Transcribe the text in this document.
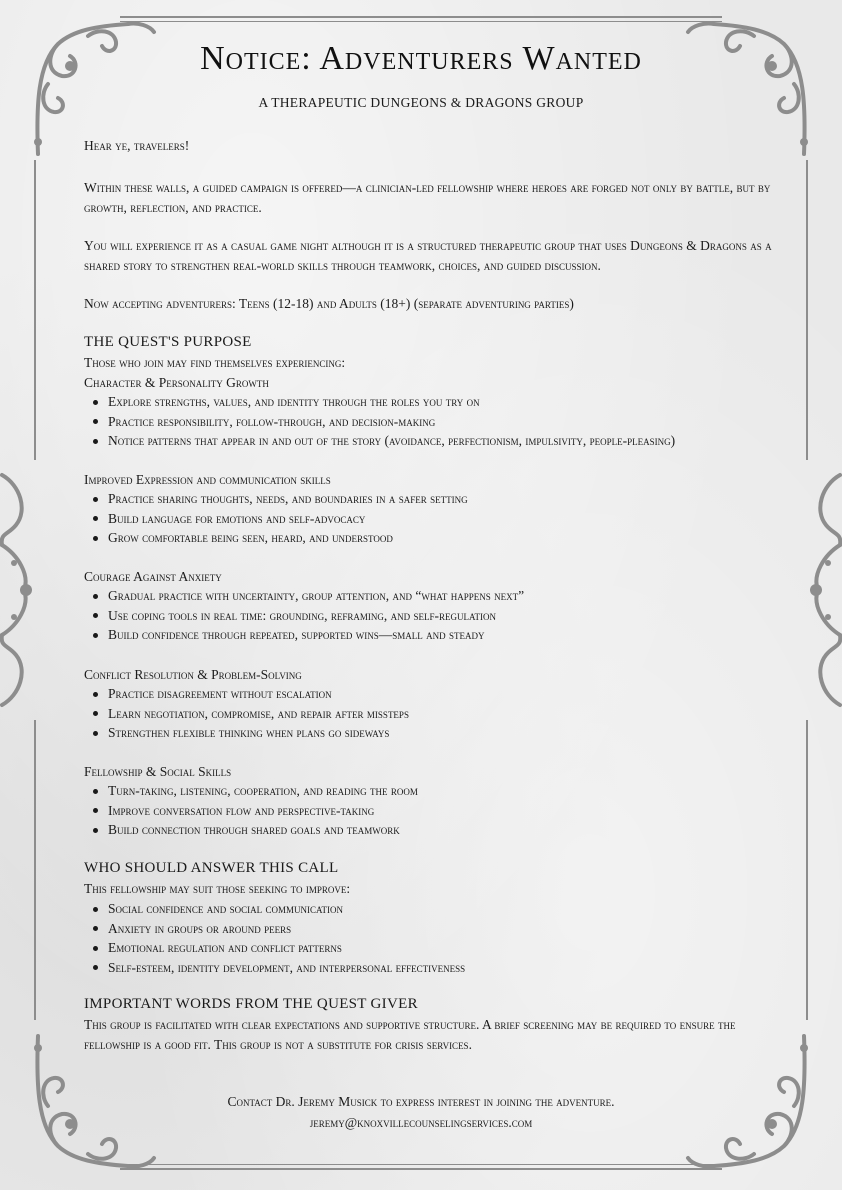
Notice: Adventurers Wanted
A THERAPEUTIC DUNGEONS & DRAGONS GROUP
Hear ye, travelers!
Within these walls, a guided campaign is offered—a clinician-led fellowship where heroes are forged not only by battle, but by growth, reflection, and practice.
You will experience it as a casual game night although it is a structured therapeutic group that uses Dungeons & Dragons as a shared story to strengthen real-world skills through teamwork, choices, and guided discussion.
Now accepting adventurers: Teens (12-18) and Adults (18+) (separate adventuring parties)
THE QUEST'S PURPOSE
Those who join may find themselves experiencing:
Character & Personality Growth
Explore strengths, values, and identity through the roles you try on
Practice responsibility, follow-through, and decision-making
Notice patterns that appear in and out of the story (avoidance, perfectionism, impulsivity, people-pleasing)
Improved Expression and communication skills
Practice sharing thoughts, needs, and boundaries in a safer setting
Build language for emotions and self-advocacy
Grow comfortable being seen, heard, and understood
Courage Against Anxiety
Gradual practice with uncertainty, group attention, and “what happens next”
Use coping tools in real time: grounding, reframing, and self-regulation
Build confidence through repeated, supported wins—small and steady
Conflict Resolution & Problem-Solving
Practice disagreement without escalation
Learn negotiation, compromise, and repair after missteps
Strengthen flexible thinking when plans go sideways
Fellowship & Social Skills
Turn-taking, listening, cooperation, and reading the room
Improve conversation flow and perspective-taking
Build connection through shared goals and teamwork
WHO SHOULD ANSWER THIS CALL
This fellowship may suit those seeking to improve:
Social confidence and social communication
Anxiety in groups or around peers
Emotional regulation and conflict patterns
Self-esteem, identity development, and interpersonal effectiveness
IMPORTANT WORDS FROM THE QUEST GIVER
This group is facilitated with clear expectations and supportive structure. A brief screening may be required to ensure the fellowship is a good fit. This group is not a substitute for crisis services.
Contact Dr. Jeremy Musick to express interest in joining the adventure.
jeremy@knoxvillecounselingservices.com
